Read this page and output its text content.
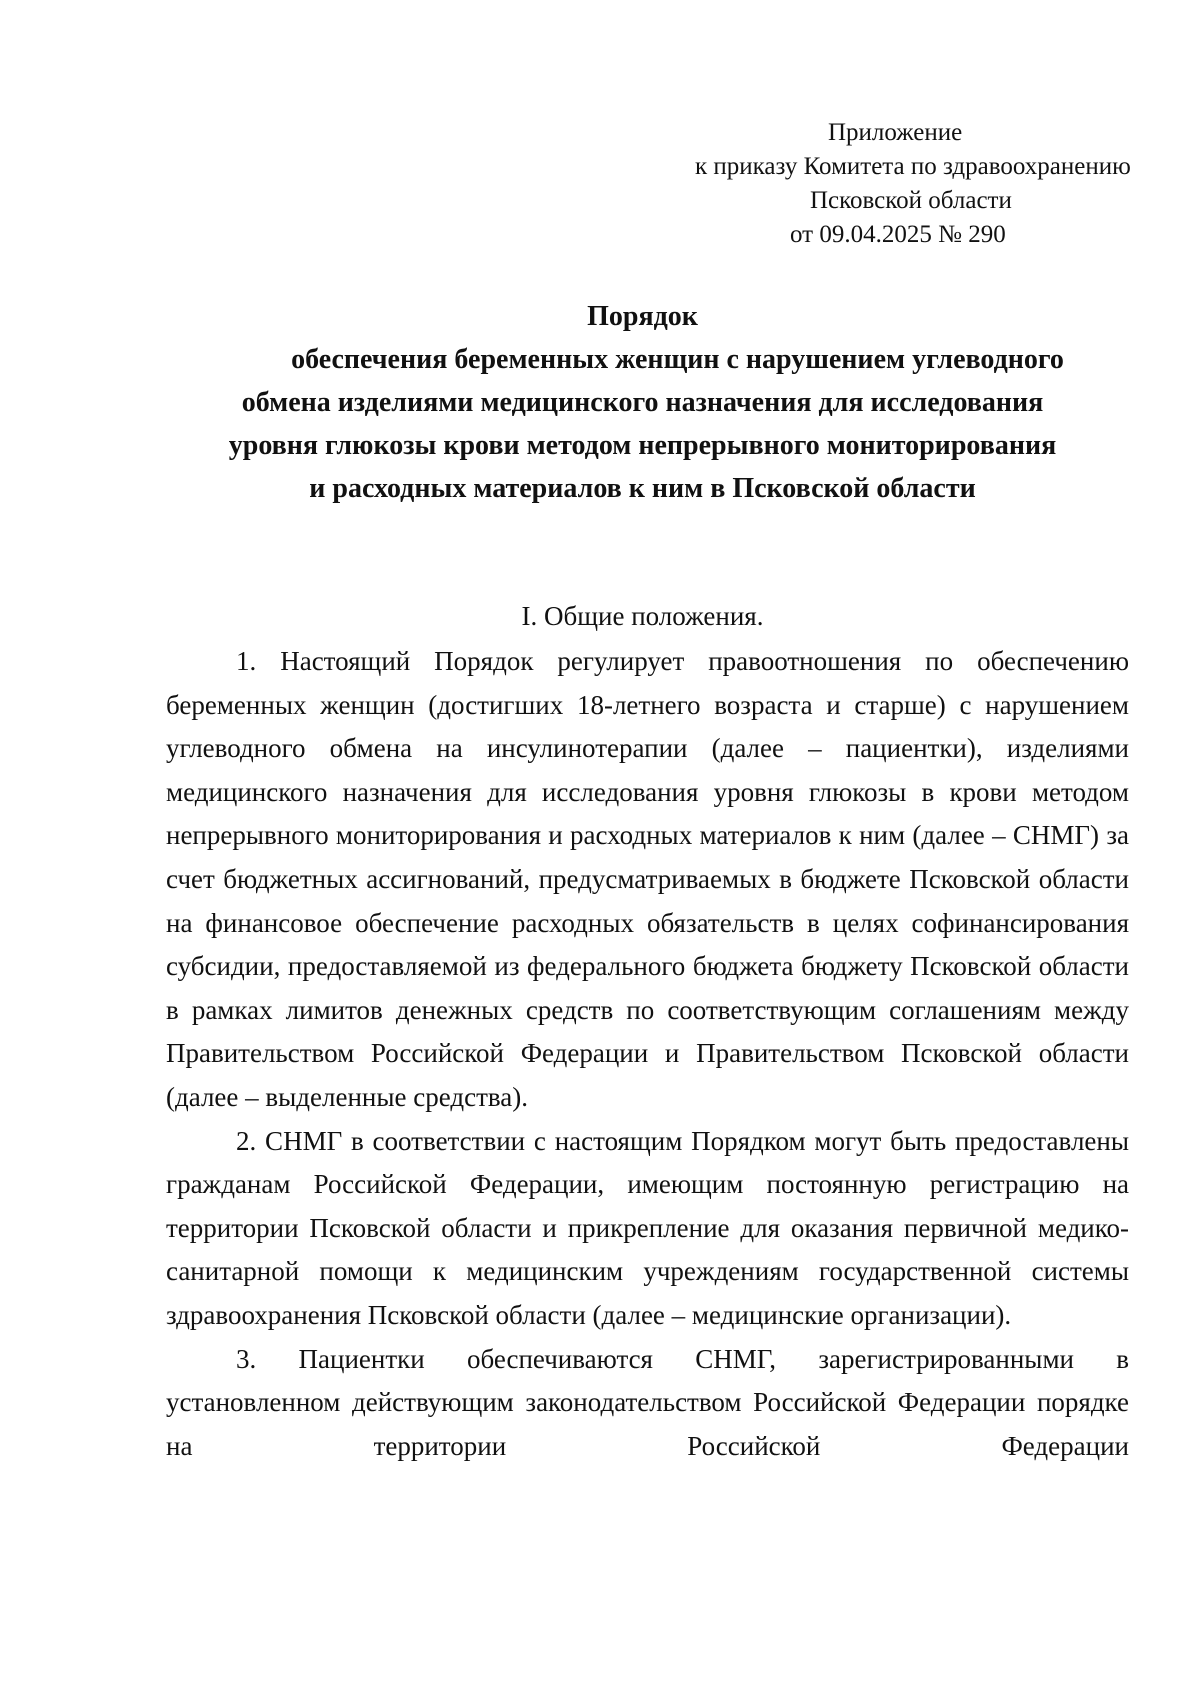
Приложение
к приказу Комитета по здравоохранению
Псковской области
от 09.04.2025 № 290
Порядок
обеспечения беременных женщин с нарушением углеводного
обмена изделиями медицинского назначения для исследования
уровня глюкозы крови методом непрерывного мониторирования
и расходных материалов к ним в Псковской области
I. Общие положения.

1. Настоящий Порядок регулирует правоотношения по обеспечению беременных женщин (достигших 18-летнего возраста и старше) с нарушением углеводного обмена на инсулинотерапии (далее – пациентки), изделиями медицинского назначения для исследования уровня глюкозы в крови методом непрерывного мониторирования и расходных материалов к ним (далее – СНМГ) за счет бюджетных ассигнований, предусматриваемых в бюджете Псковской области на финансовое обеспечение расходных обязательств в целях софинансирования субсидии, предоставляемой из федерального бюджета бюджету Псковской области в рамках лимитов денежных средств по соответствующим соглашениям между Правительством Российской Федерации и Правительством Псковской области (далее – выделенные средства).

2. СНМГ в соответствии с настоящим Порядком могут быть предоставлены гражданам Российской Федерации, имеющим постоянную регистрацию на территории Псковской области и прикрепление для оказания первичной медико-санитарной помощи к медицинским учреждениям государственной системы здравоохранения Псковской области (далее – медицинские организации).

3. Пациентки обеспечиваются СНМГ, зарегистрированными в установленном действующим законодательством Российской Федерации порядке на территории Российской Федерации
